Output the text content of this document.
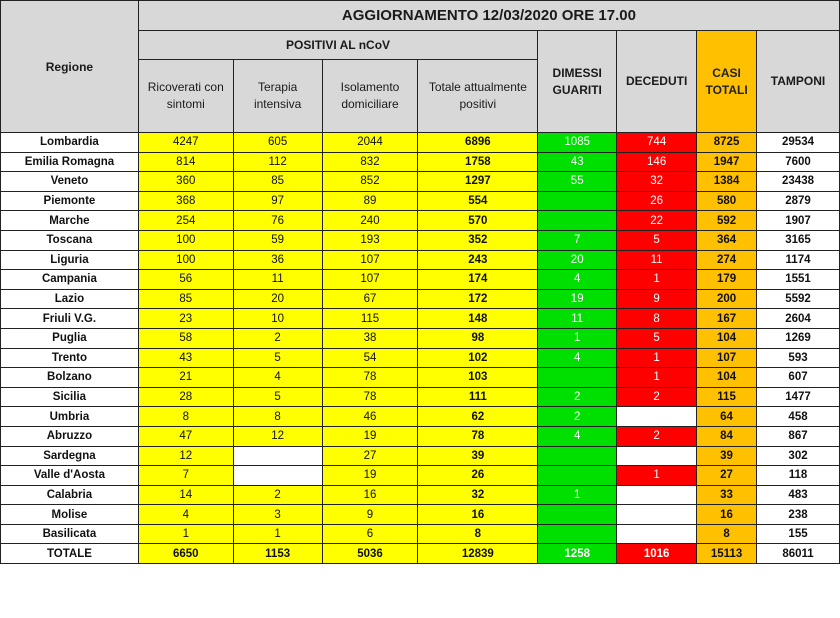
Regione	AGGIORNAMENTO 12/03/2020 ORE 17.00							
	POSITIVI AL nCoV				DIMESSI GUARITI	DECEDUTI	CASI TOTALI	TAMPONI
	Ricoverati con sintomi	Terapia intensiva	Isolamento domiciliare	Totale attualmente positivi				
Lombardia	4247	605	2044	6896	1085	744	8725	29534
Emilia Romagna	814	112	832	1758	43	146	1947	7600
Veneto	360	85	852	1297	55	32	1384	23438
Piemonte	368	97	89	554		26	580	2879
Marche	254	76	240	570		22	592	1907
Toscana	100	59	193	352	7	5	364	3165
Liguria	100	36	107	243	20	11	274	1174
Campania	56	11	107	174	4	1	179	1551
Lazio	85	20	67	172	19	9	200	5592
Friuli V.G.	23	10	115	148	11	8	167	2604
Puglia	58	2	38	98	1	5	104	1269
Trento	43	5	54	102	4	1	107	593
Bolzano	21	4	78	103		1	104	607
Sicilia	28	5	78	111	2	2	115	1477
Umbria	8	8	46	62	2		64	458
Abruzzo	47	12	19	78	4	2	84	867
Sardegna	12		27	39			39	302
Valle d'Aosta	7		19	26		1	27	118
Calabria	14	2	16	32	1		33	483
Molise	4	3	9	16			16	238
Basilicata	1	1	6	8			8	155
TOTALE	6650	1153	5036	12839	1258	1016	15113	86011
